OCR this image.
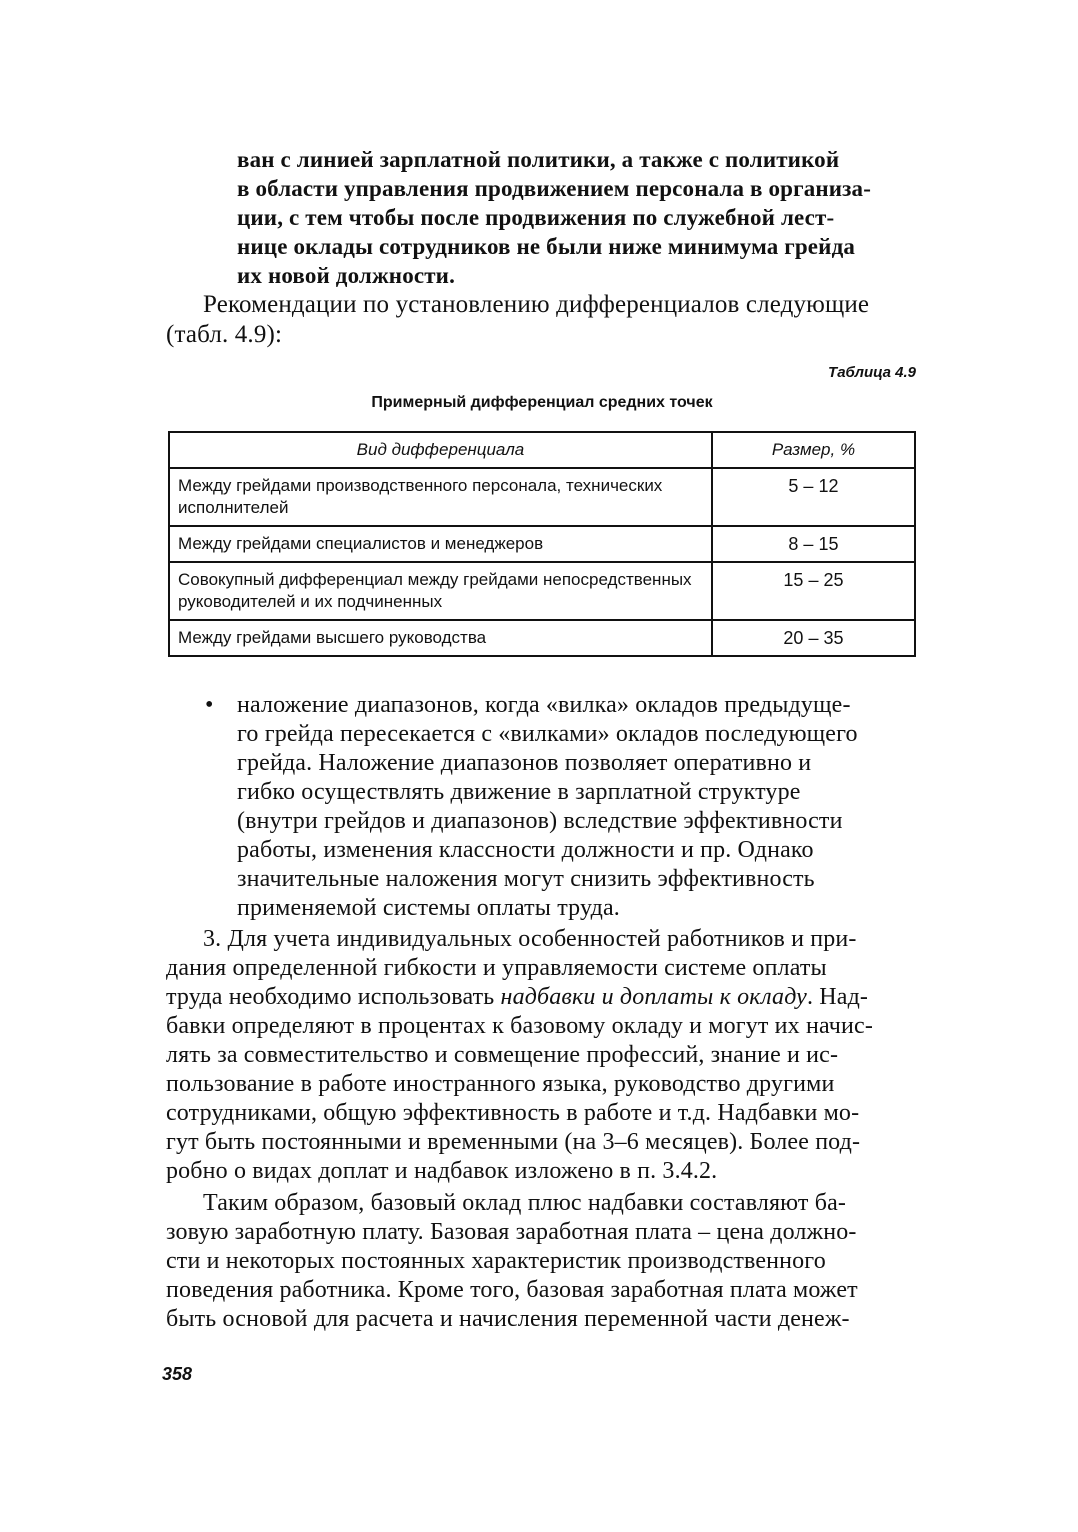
ван с линией зарплатной политики, а также с политикой
в области управления продвижением персонала в организа-
ции, с тем чтобы после продвижения по служебной лест-
нице оклады сотрудников не были ниже минимума грейда
их новой должности.
Рекомендации по установлению дифференциалов следующие
(табл. 4.9):
Таблица 4.9
Примерный дифференциал средних точек
Вид дифференциала	Размер, %
Между грейдами производственного персонала, технических исполнителей	5 – 12
Между грейдами специалистов и менеджеров	8 – 15
Совокупный дифференциал между грейдами непосредственных руководителей и их подчиненных	15 – 25
Между грейдами высшего руководства	20 – 35
• наложение диапазонов, когда «вилка» окладов предыдуще-
го грейда пересекается с «вилками» окладов последующего
грейда. Наложение диапазонов позволяет оперативно и
гибко осуществлять движение в зарплатной структуре
(внутри грейдов и диапазонов) вследствие эффективности
работы, изменения классности должности и пр. Однако
значительные наложения могут снизить эффективность
применяемой системы оплаты труда.
3. Для учета индивидуальных особенностей работников и при-
дания определенной гибкости и управляемости системе оплаты
труда необходимо использовать надбавки и доплаты к окладу. Над-
бавки определяют в процентах к базовому окладу и могут их начис-
лять за совместительство и совмещение профессий, знание и ис-
пользование в работе иностранного языка, руководство другими
сотрудниками, общую эффективность в работе и т.д. Надбавки мо-
гут быть постоянными и временными (на 3–6 месяцев). Более под-
робно о видах доплат и надбавок изложено в п. 3.4.2.
Таким образом, базовый оклад плюс надбавки составляют ба-
зовую заработную плату. Базовая заработная плата – цена должно-
сти и некоторых постоянных характеристик производственного
поведения работника. Кроме того, базовая заработная плата может
быть основой для расчета и начисления переменной части денеж-
358
